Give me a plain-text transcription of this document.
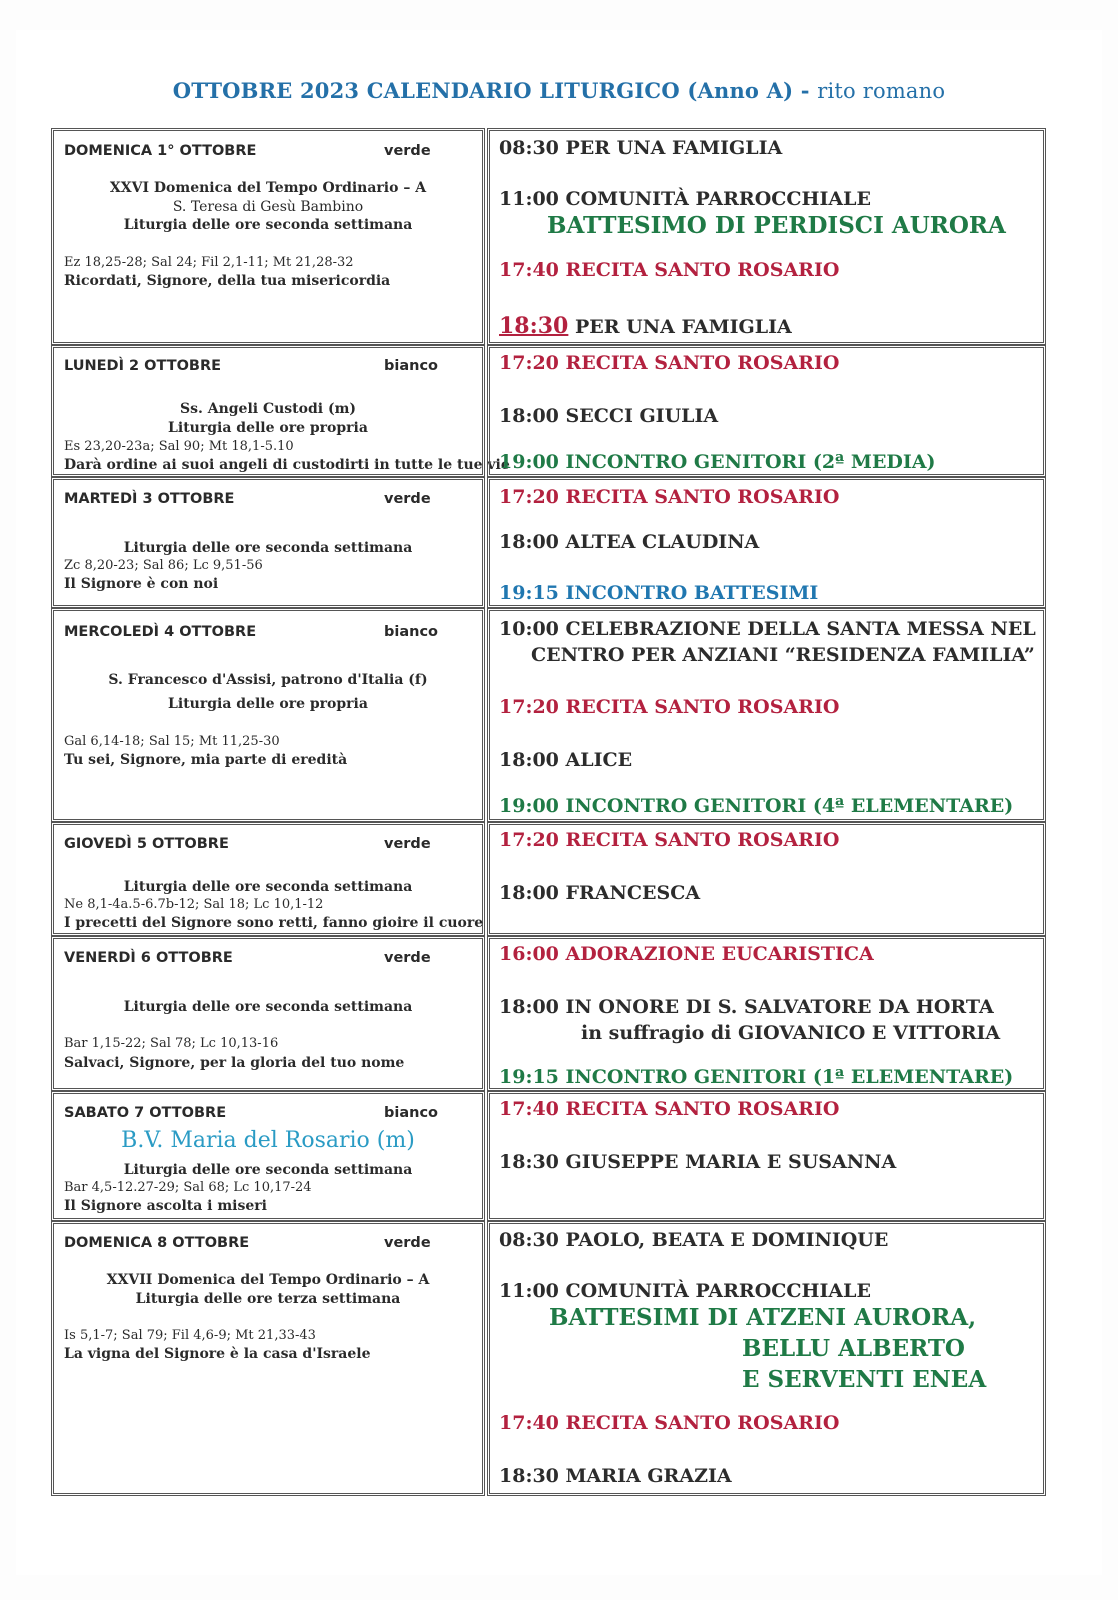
OTTOBRE 2023 CALENDARIO LITURGICO (Anno A) - rito romano
DOMENICA 1° OTTOBRE	verde
XXVI Domenica del Tempo Ordinario – A
S. Teresa di Gesù Bambino
Liturgia delle ore seconda settimana
Ez 18,25-28; Sal 24; Fil 2,1-11; Mt 21,28-32
Ricordati, Signore, della tua misericordia
08:30 PER UNA FAMIGLIA
11:00 COMUNITÀ PARROCCHIALE
BATTESIMO DI PERDISCI AURORA
17:40 RECITA SANTO ROSARIO
18:30 PER UNA FAMIGLIA
LUNEDÌ 2 OTTOBRE	bianco
Ss. Angeli Custodi (m)
Liturgia delle ore propria
Es 23,20-23a; Sal 90; Mt 18,1-5.10
Darà ordine ai suoi angeli di custodirti in tutte le tue vie
17:20 RECITA SANTO ROSARIO
18:00 SECCI GIULIA
19:00 INCONTRO GENITORI (2ª MEDIA)
MARTEDÌ 3 OTTOBRE	verde
Liturgia delle ore seconda settimana
Zc 8,20-23; Sal 86; Lc 9,51-56
Il Signore è con noi
17:20 RECITA SANTO ROSARIO
18:00 ALTEA CLAUDINA
19:15 INCONTRO BATTESIMI
MERCOLEDÌ 4 OTTOBRE	bianco
S. Francesco d'Assisi, patrono d'Italia (f)
Liturgia delle ore propria
Gal 6,14-18; Sal 15; Mt 11,25-30
Tu sei, Signore, mia parte di eredità
10:00 CELEBRAZIONE DELLA SANTA MESSA NEL
CENTRO PER ANZIANI “RESIDENZA FAMILIA”
17:20 RECITA SANTO ROSARIO
18:00 ALICE
19:00 INCONTRO GENITORI (4ª ELEMENTARE)
GIOVEDÌ 5 OTTOBRE	verde
Liturgia delle ore seconda settimana
Ne 8,1-4a.5-6.7b-12; Sal 18; Lc 10,1-12
I precetti del Signore sono retti, fanno gioire il cuore
17:20 RECITA SANTO ROSARIO
18:00 FRANCESCA
VENERDÌ 6 OTTOBRE	verde
Liturgia delle ore seconda settimana
Bar 1,15-22; Sal 78; Lc 10,13-16
Salvaci, Signore, per la gloria del tuo nome
16:00 ADORAZIONE EUCARISTICA
18:00 IN ONORE DI S. SALVATORE DA HORTA
in suffragio di GIOVANICO E VITTORIA
19:15 INCONTRO GENITORI (1ª ELEMENTARE)
SABATO 7 OTTOBRE	bianco
B.V. Maria del Rosario (m)
Liturgia delle ore seconda settimana
Bar 4,5-12.27-29; Sal 68; Lc 10,17-24
Il Signore ascolta i miseri
17:40 RECITA SANTO ROSARIO
18:30 GIUSEPPE MARIA E SUSANNA
DOMENICA 8 OTTOBRE	verde
XXVII Domenica del Tempo Ordinario – A
Liturgia delle ore terza settimana
Is 5,1-7; Sal 79; Fil 4,6-9; Mt 21,33-43
La vigna del Signore è la casa d'Israele
08:30 PAOLO, BEATA E DOMINIQUE
11:00 COMUNITÀ PARROCCHIALE
BATTESIMI DI ATZENI AURORA,
BELLU ALBERTO
E SERVENTI ENEA
17:40 RECITA SANTO ROSARIO
18:30 MARIA GRAZIA
